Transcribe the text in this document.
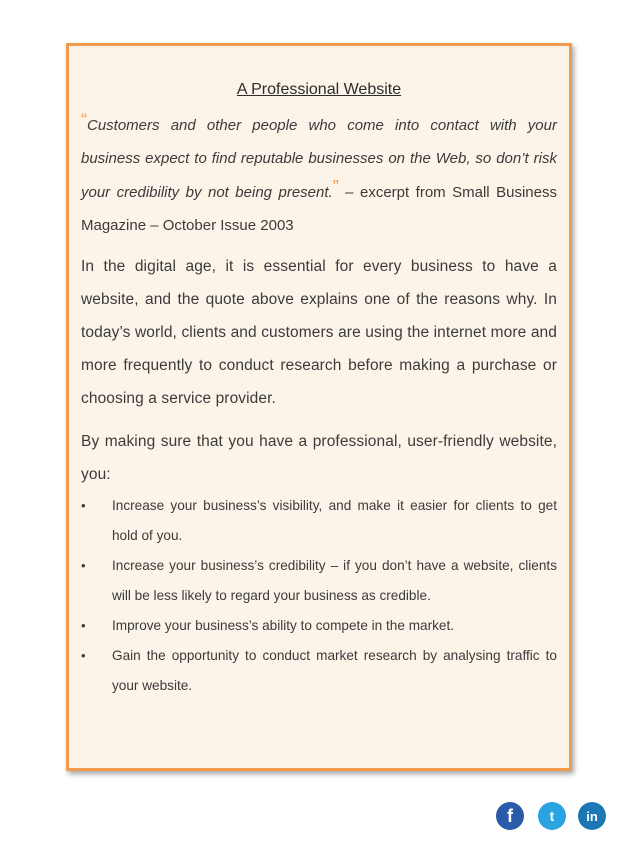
A Professional Website

“Customers and other people who come into contact with your business expect to find reputable businesses on the Web, so don’t risk your credibility by not being present.” – excerpt from Small Business Magazine – October Issue 2003

In the digital age, it is essential for every business to have a website, and the quote above explains one of the reasons why. In today’s world, clients and customers are using the internet more and more frequently to conduct research before making a purchase or choosing a service provider.

By making sure that you have a professional, user-friendly website, you:

• Increase your business’s visibility, and make it easier for clients to get hold of you.
• Increase your business’s credibility – if you don’t have a website, clients will be less likely to regard your business as credible.
• Improve your business’s ability to compete in the market.
• Gain the opportunity to conduct market research by analysing traffic to your website.
f	t in
